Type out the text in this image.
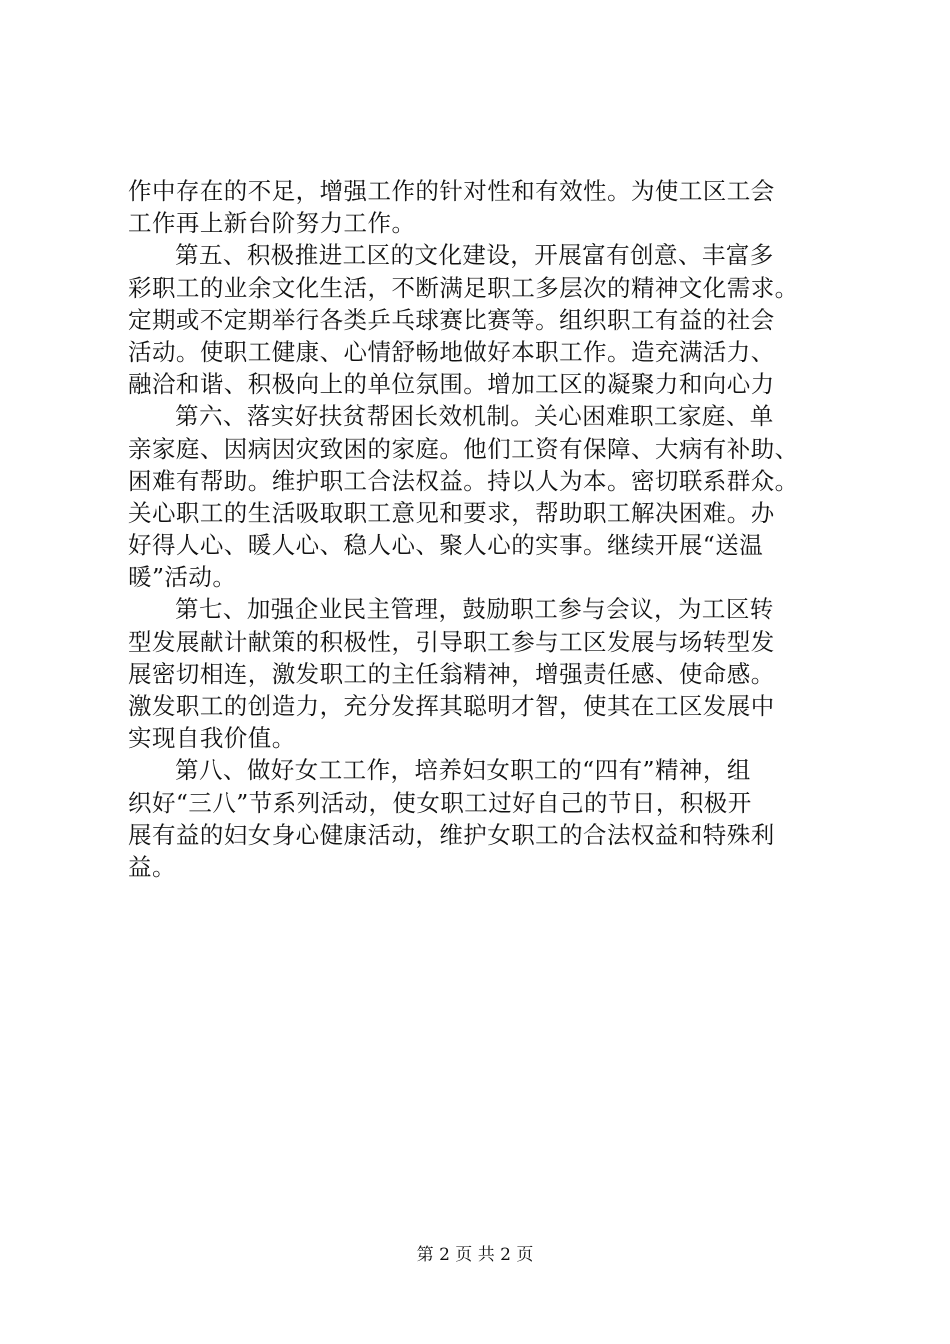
作中存在的不足，增强工作的针对性和有效性。为使工区工会
工作再上新台阶努力工作。
第五、积极推进工区的文化建设，开展富有创意、丰富多
彩职工的业余文化生活，不断满足职工多层次的精神文化需求。
定期或不定期举行各类乒乓球赛比赛等。组织职工有益的社会
活动。使职工健康、心情舒畅地做好本职工作。造充满活力、
融洽和谐、积极向上的单位氛围。增加工区的凝聚力和向心力
第六、落实好扶贫帮困长效机制。关心困难职工家庭、单
亲家庭、因病因灾致困的家庭。他们工资有保障、大病有补助、
困难有帮助。维护职工合法权益。持以人为本。密切联系群众。
关心职工的生活吸取职工意见和要求，帮助职工解决困难。办
好得人心、暖人心、稳人心、聚人心的实事。继续开展“送温
暖”活动。
第七、加强企业民主管理，鼓励职工参与会议，为工区转
型发展献计献策的积极性，引导职工参与工区发展与场转型发
展密切相连，激发职工的主任翁精神，增强责任感、使命感。
激发职工的创造力，充分发挥其聪明才智，使其在工区发展中
实现自我价值。
第八、做好女工工作，培养妇女职工的“四有”精神，组
织好“三八”节系列活动，使女职工过好自己的节日，积极开
展有益的妇女身心健康活动，维护女职工的合法权益和特殊利
益。
第 2 页 共 2 页
